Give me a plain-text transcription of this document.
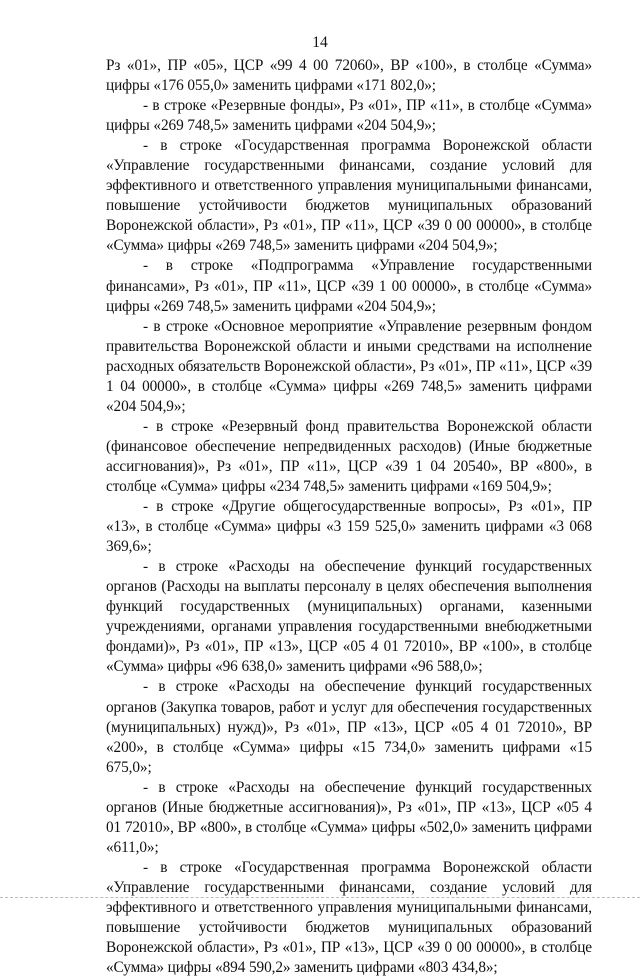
14

Рз «01», ПР «05», ЦСР «99 4 00 72060», ВР «100», в столбце «Сумма» цифры «176 055,0» заменить цифрами «171 802,0»;

- в строке «Резервные фонды», Рз «01», ПР «11», в столбце «Сумма» цифры «269 748,5» заменить цифрами «204 504,9»;

- в строке «Государственная программа Воронежской области «Управление государственными финансами, создание условий для эффективного и ответственного управления муниципальными финансами, повышение устойчивости бюджетов муниципальных образований Воронежской области», Рз «01», ПР «11», ЦСР «39 0 00 00000», в столбце «Сумма» цифры «269 748,5» заменить цифрами «204 504,9»;

- в строке «Подпрограмма «Управление государственными финансами», Рз «01», ПР «11», ЦСР «39 1 00 00000», в столбце «Сумма» цифры «269 748,5» заменить цифрами «204 504,9»;

- в строке «Основное мероприятие «Управление резервным фондом правительства Воронежской области и иными средствами на исполнение расходных обязательств Воронежской области», Рз «01», ПР «11», ЦСР «39 1 04 00000», в столбце «Сумма» цифры «269 748,5» заменить цифрами «204 504,9»;

- в строке «Резервный фонд правительства Воронежской области (финансовое обеспечение непредвиденных расходов) (Иные бюджетные ассигнования)», Рз «01», ПР «11», ЦСР «39 1 04 20540», ВР «800», в столбце «Сумма» цифры «234 748,5» заменить цифрами «169 504,9»;

- в строке «Другие общегосударственные вопросы», Рз «01», ПР «13», в столбце «Сумма» цифры «3 159 525,0» заменить цифрами «3 068 369,6»;

- в строке «Расходы на обеспечение функций государственных органов (Расходы на выплаты персоналу в целях обеспечения выполнения функций государственных (муниципальных) органами, казенными учреждениями, органами управления государственными внебюджетными фондами)», Рз «01», ПР «13», ЦСР «05 4 01 72010», ВР «100», в столбце «Сумма» цифры «96 638,0» заменить цифрами «96 588,0»;

- в строке «Расходы на обеспечение функций государственных органов (Закупка товаров, работ и услуг для обеспечения государственных (муниципальных) нужд)», Рз «01», ПР «13», ЦСР «05 4 01 72010», ВР «200», в столбце «Сумма» цифры «15 734,0» заменить цифрами «15 675,0»;

- в строке «Расходы на обеспечение функций государственных органов (Иные бюджетные ассигнования)», Рз «01», ПР «13», ЦСР «05 4 01 72010», ВР «800», в столбце «Сумма» цифры «502,0» заменить цифрами «611,0»;

- в строке «Государственная программа Воронежской области «Управление государственными финансами, создание условий для эффективного и ответственного управления муниципальными финансами, повышение устойчивости бюджетов муниципальных образований Воронежской области», Рз «01», ПР «13», ЦСР «39 0 00 00000», в столбце «Сумма» цифры «894 590,2» заменить цифрами «803 434,8»;
